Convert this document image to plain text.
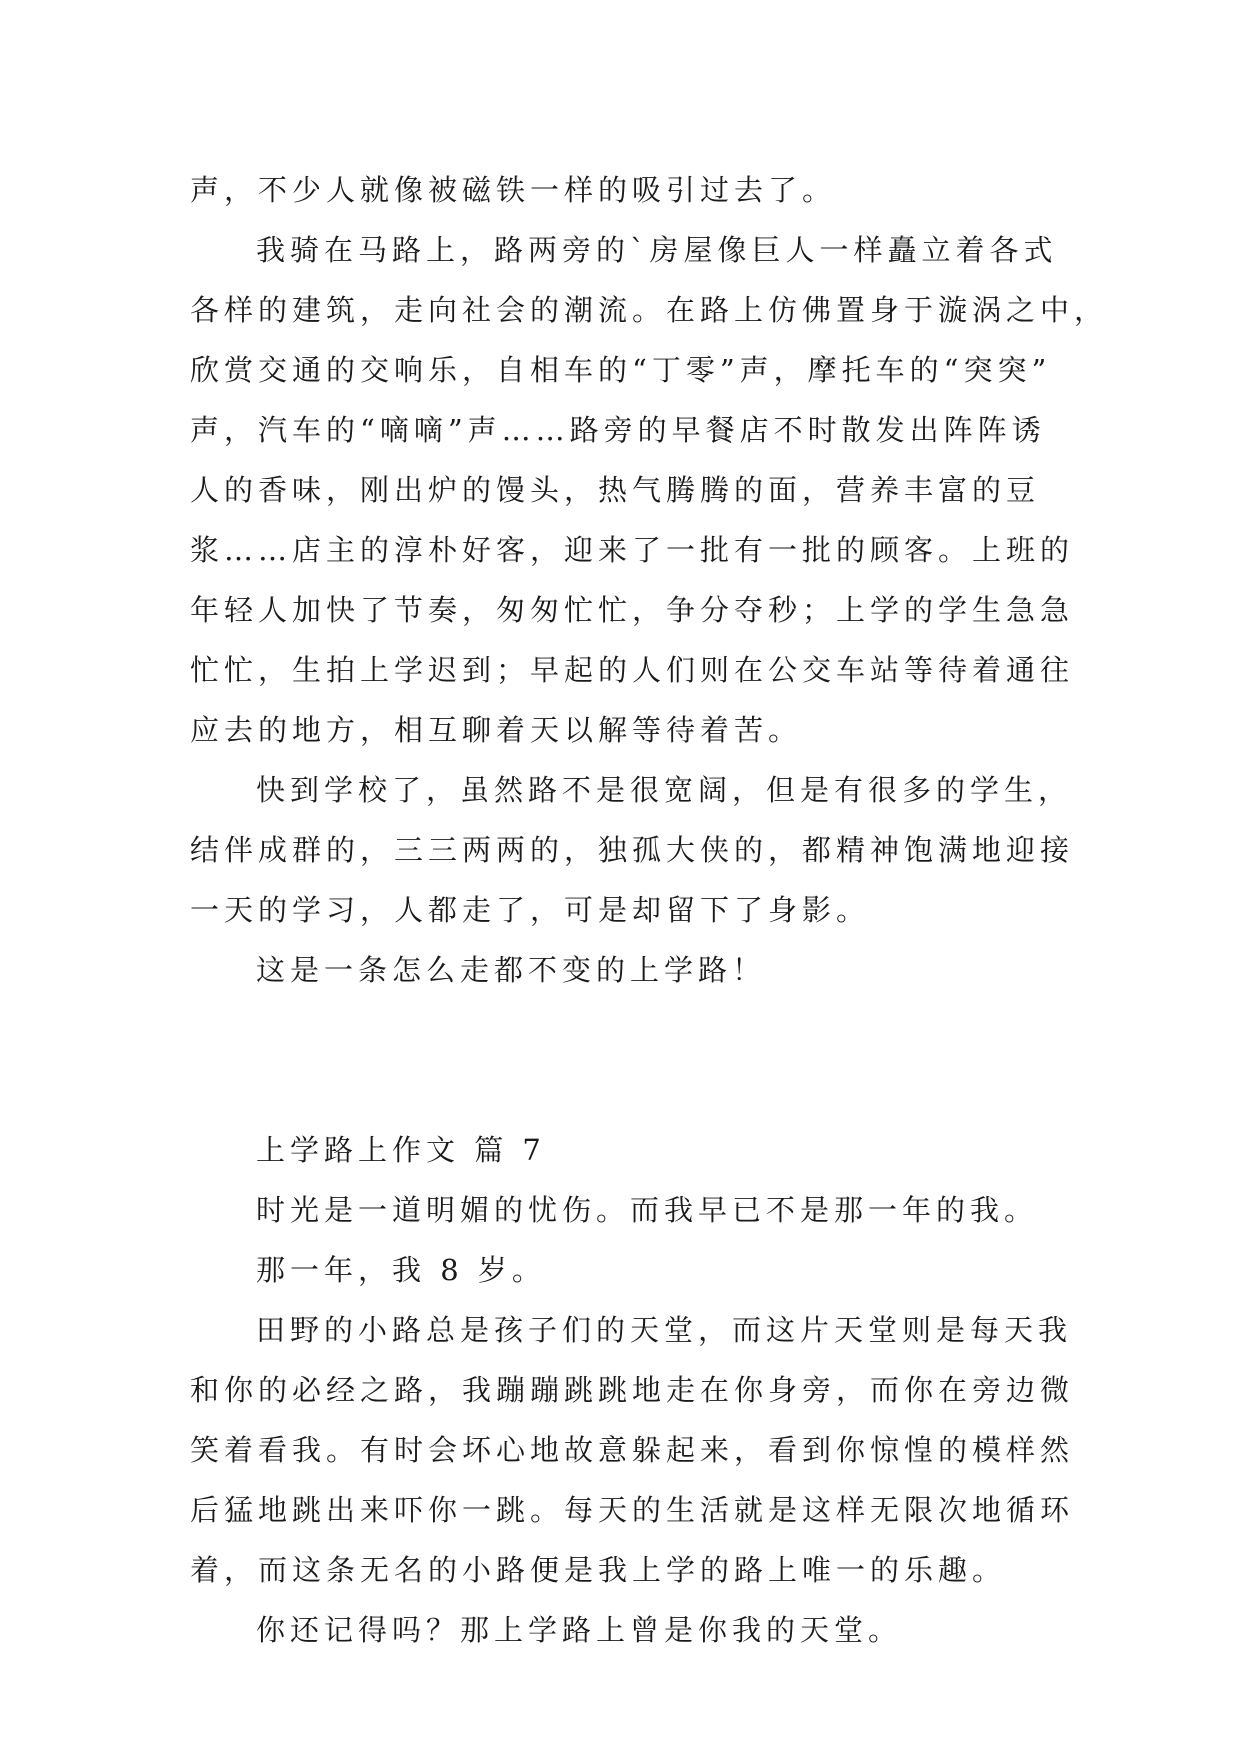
声，不少人就像被磁铁一样的吸引过去了。
我骑在马路上，路两旁的`房屋像巨人一样矗立着各式
各样的建筑，走向社会的潮流。在路上仿佛置身于漩涡之中，
欣赏交通的交响乐，自相车的“丁零”声，摩托车的“突突”
声，汽车的“嘀嘀”声……路旁的早餐店不时散发出阵阵诱
人的香味，刚出炉的馒头，热气腾腾的面，营养丰富的豆
浆……店主的淳朴好客，迎来了一批有一批的顾客。上班的
年轻人加快了节奏，匆匆忙忙，争分夺秒；上学的学生急急
忙忙，生拍上学迟到；早起的人们则在公交车站等待着通往
应去的地方，相互聊着天以解等待着苦。
快到学校了，虽然路不是很宽阔，但是有很多的学生，
结伴成群的，三三两两的，独孤大侠的，都精神饱满地迎接
一天的学习，人都走了，可是却留下了身影。
这是一条怎么走都不变的上学路！
上学路上作文 篇 7
时光是一道明媚的忧伤。而我早已不是那一年的我。
那一年，我 8 岁。
田野的小路总是孩子们的天堂，而这片天堂则是每天我
和你的必经之路，我蹦蹦跳跳地走在你身旁，而你在旁边微
笑着看我。有时会坏心地故意躲起来，看到你惊惶的模样然
后猛地跳出来吓你一跳。每天的生活就是这样无限次地循环
着，而这条无名的小路便是我上学的路上唯一的乐趣。
你还记得吗？那上学路上曾是你我的天堂。
